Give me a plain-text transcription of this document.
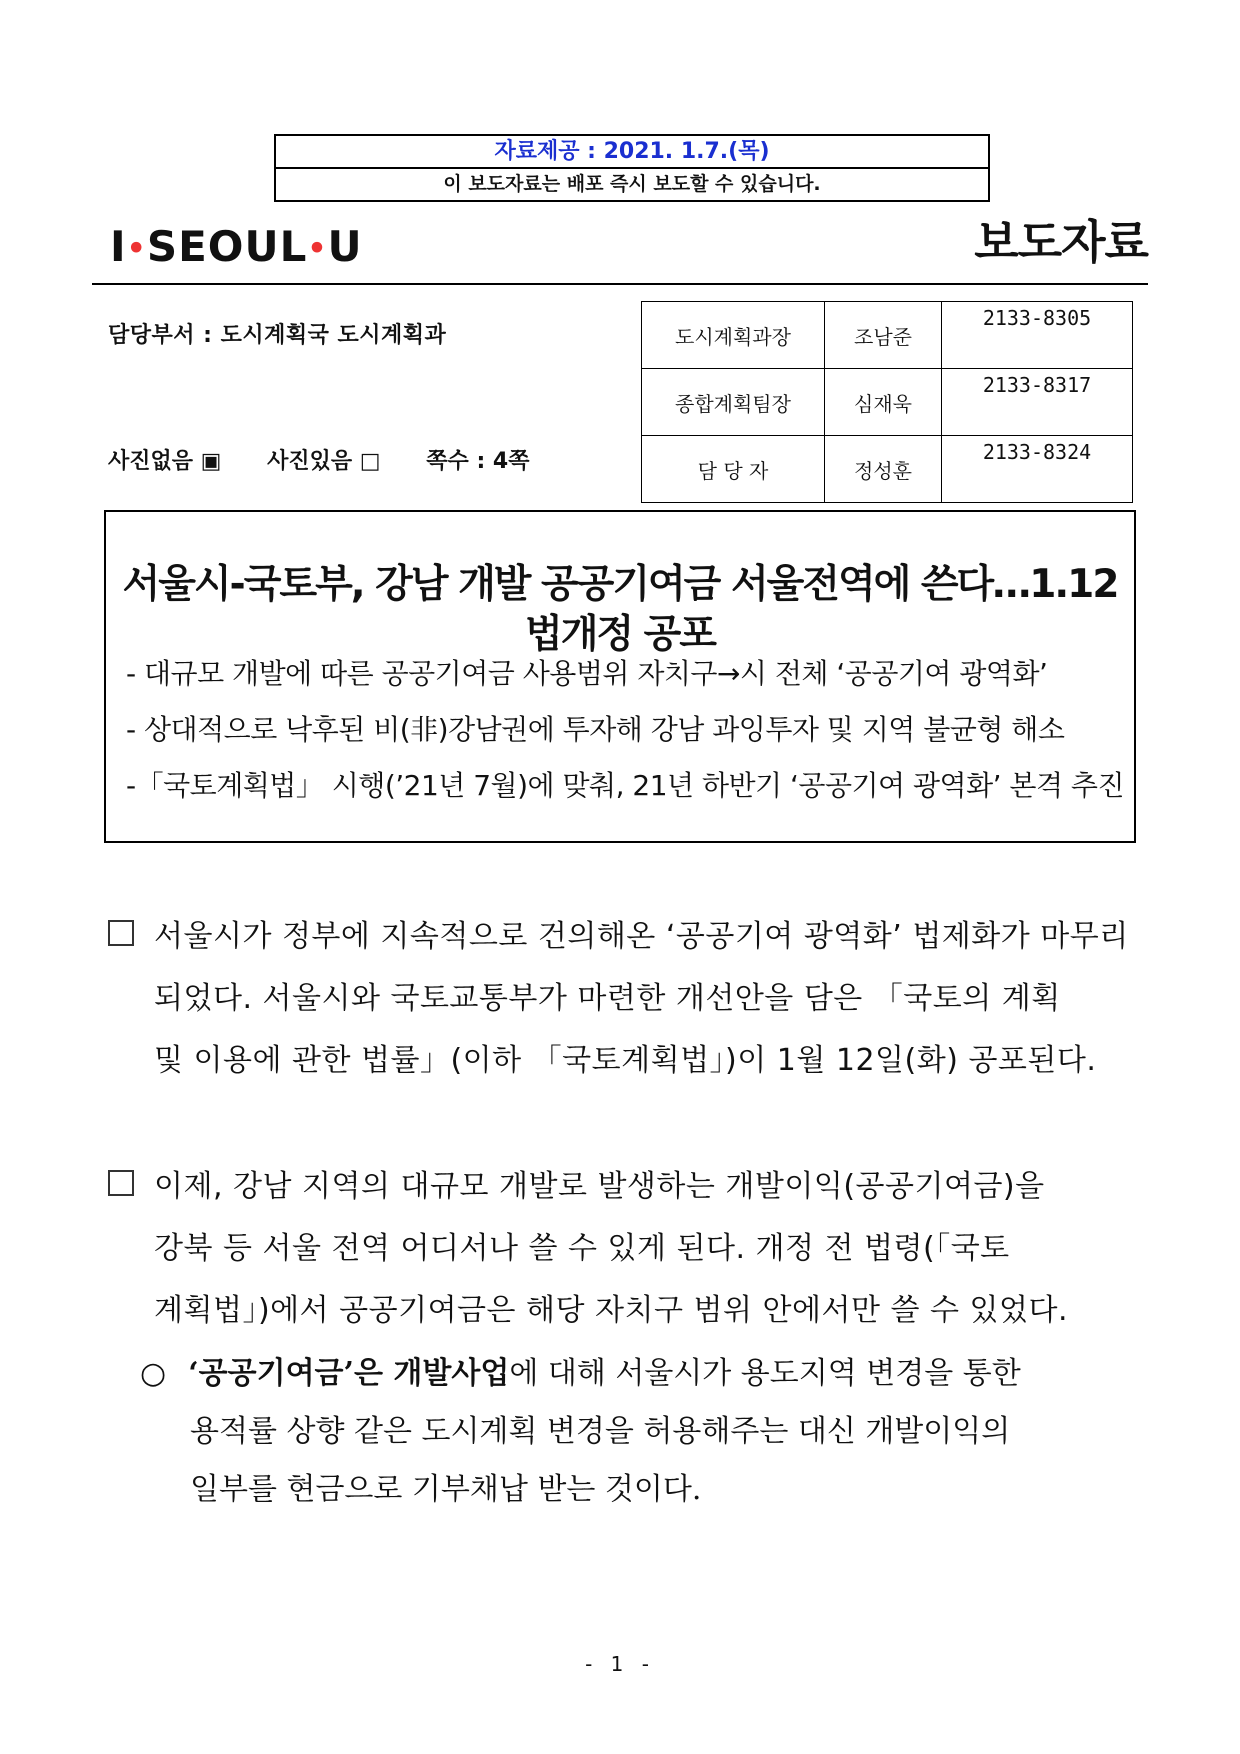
자료제공 : 2021. 1.7.(목)
이 보도자료는 배포 즉시 보도할 수 있습니다.
I•SEOUL•U	보도자료
담당부서 : 도시계획국 도시계획과
사진없음 ▣ 사진있음 □ 쪽수 : 4쪽
도시계획과장	조남준	2133-8305
종합계획팀장	심재욱	2133-8317
담 당 자	정성훈	2133-8324
서울시-국토부, 강남 개발 공공기여금 서울전역에 쓴다…1.12 법개정 공포
- 대규모 개발에 따른 공공기여금 사용범위 자치구→시 전체 ‘공공기여 광역화’
- 상대적으로 낙후된 비(非)강남권에 투자해 강남 과잉투자 및 지역 불균형 해소
-「국토계획법」 시행(’21년 7월)에 맞춰, 21년 하반기 ‘공공기여 광역화’ 본격 추진
서울시가 정부에 지속적으로 건의해온 ‘공공기여 광역화’ 법제화가 마무리
되었다. 서울시와 국토교통부가 마련한 개선안을 담은 「국토의 계획
및 이용에 관한 법률」(이하 「국토계획법」)이 1월 12일(화) 공포된다.
이제, 강남 지역의 대규모 개발로 발생하는 개발이익(공공기여금)을
강북 등 서울 전역 어디서나 쓸 수 있게 된다. 개정 전 법령(「국토
계획법」)에서 공공기여금은 해당 자치구 범위 안에서만 쓸 수 있었다.
○ ‘공공기여금’은 개발사업에 대해 서울시가 용도지역 변경을 통한
용적률 상향 같은 도시계획 변경을 허용해주는 대신 개발이익의
일부를 현금으로 기부채납 받는 것이다.
- 1 -
